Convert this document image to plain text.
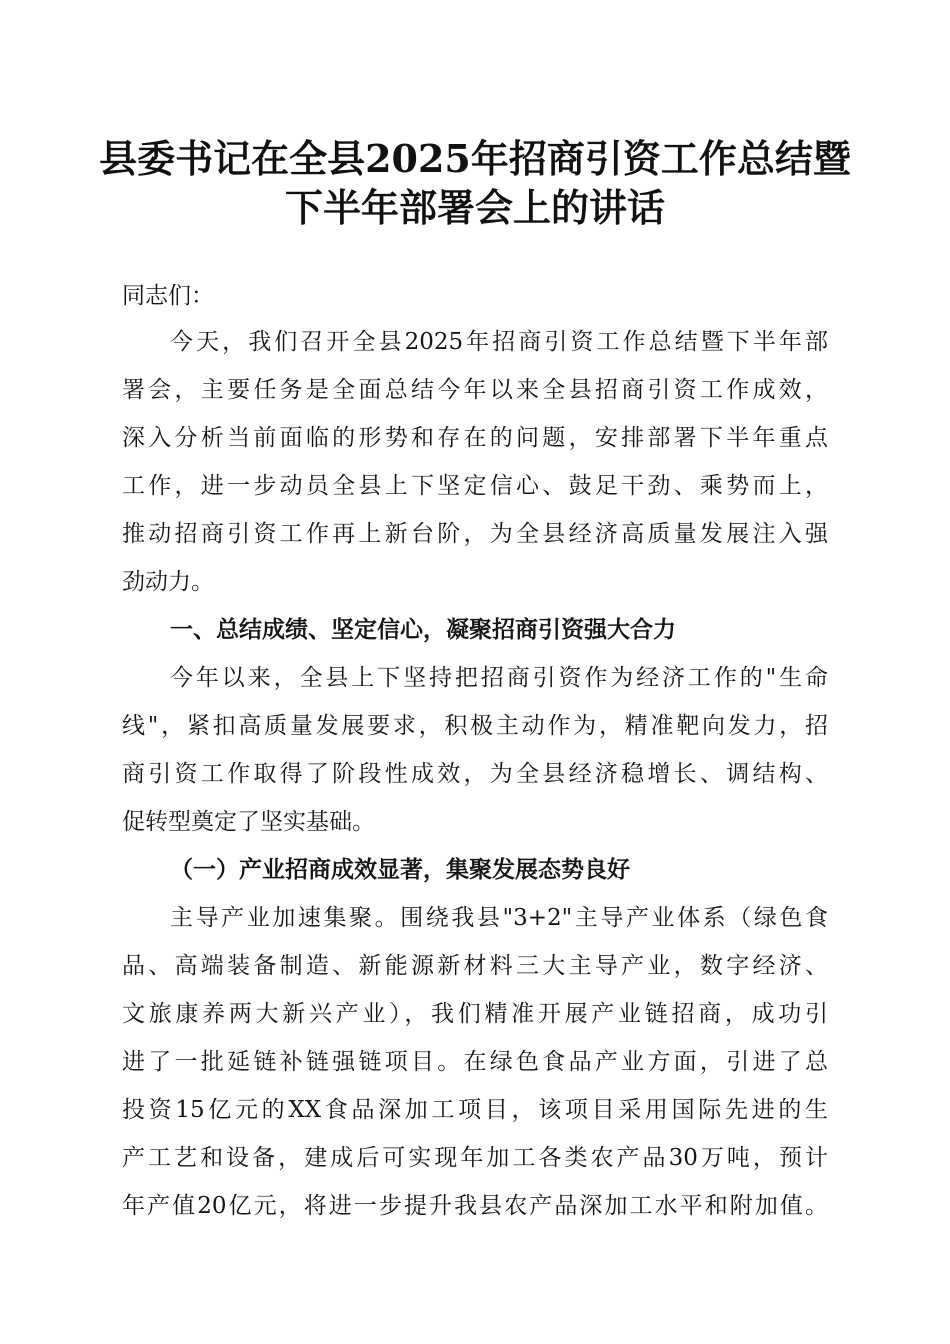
县委书记在全县2025年招商引资工作总结暨
下半年部署会上的讲话
同志们：
今天，我们召开全县2025年招商引资工作总结暨下半年部
署会，主要任务是全面总结今年以来全县招商引资工作成效，
深入分析当前面临的形势和存在的问题，安排部署下半年重点
工作，进一步动员全县上下坚定信心、鼓足干劲、乘势而上，
推动招商引资工作再上新台阶，为全县经济高质量发展注入强
劲动力。
一、总结成绩、坚定信心，凝聚招商引资强大合力
今年以来，全县上下坚持把招商引资作为经济工作的"生命
线"，紧扣高质量发展要求，积极主动作为，精准靶向发力，招
商引资工作取得了阶段性成效，为全县经济稳增长、调结构、
促转型奠定了坚实基础。
（一）产业招商成效显著，集聚发展态势良好
主导产业加速集聚。围绕我县"3+2"主导产业体系（绿色食
品、高端装备制造、新能源新材料三大主导产业，数字经济、
文旅康养两大新兴产业），我们精准开展产业链招商，成功引
进了一批延链补链强链项目。在绿色食品产业方面，引进了总
投资15亿元的XX食品深加工项目，该项目采用国际先进的生
产工艺和设备，建成后可实现年加工各类农产品30万吨，预计
年产值20亿元，将进一步提升我县农产品深加工水平和附加值。
